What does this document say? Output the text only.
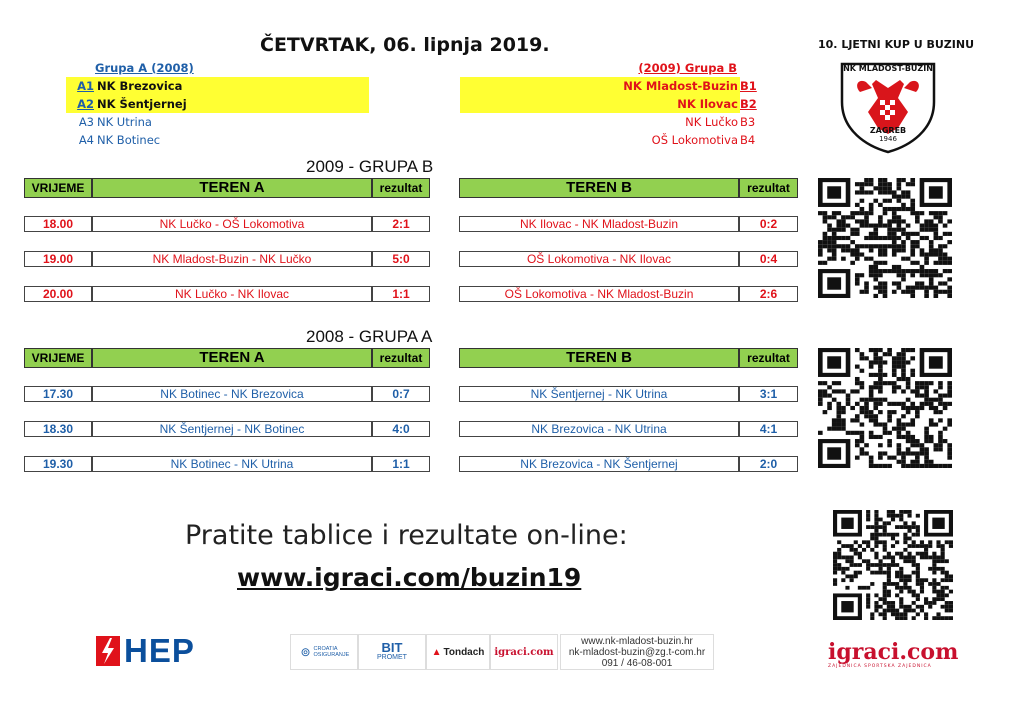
ČETVRTAK, 06. lipnja 2019.	10. LJETNI KUP U BUZINU
Grupa A (2008)
A1 NK Brezovica
A2 NK Šentjernej
A3 NK Utrina
A4 NK Botinec
(2009) Grupa B
NK Mladost-Buzin B1
NK Ilovac B2
NK Lučko B3
OŠ Lokomotiva B4
NK MLADOST-BUZIN
ZAGREB
1946
2009 - GRUPA B
VRIJEME	TEREN A	rezultat	TEREN B	rezultat
18.00	NK Lučko - OŠ Lokomotiva	2:1	NK Ilovac - NK Mladost-Buzin	0:2
19.00	NK Mladost-Buzin - NK Lučko	5:0	OŠ Lokomotiva - NK Ilovac	0:4
20.00	NK Lučko - NK Ilovac	1:1	OŠ Lokomotiva - NK Mladost-Buzin	2:6
2008 - GRUPA A
VRIJEME	TEREN A	rezultat	TEREN B	rezultat
17.30	NK Botinec - NK Brezovica	0:7	NK Šentjernej - NK Utrina	3:1
18.30	NK Šentjernej - NK Botinec	4:0	NK Brezovica - NK Utrina	4:1
19.30	NK Botinec - NK Utrina	1:1	NK Brezovica - NK Šentjernej	2:0
Pratite tablice i rezultate on-line:
www.igraci.com/buzin19
HEP	⊚ CROATIA OSIGURANJE BIT
PROMET ▲ Tondach igraci.com
www.nk-mladost-buzin.hr
nk-mladost-buzin@zg.t-com.hr
091 / 46-08-001	igraci.com
ZAJEDNICA SPORTSKA ZAJEDNICA
